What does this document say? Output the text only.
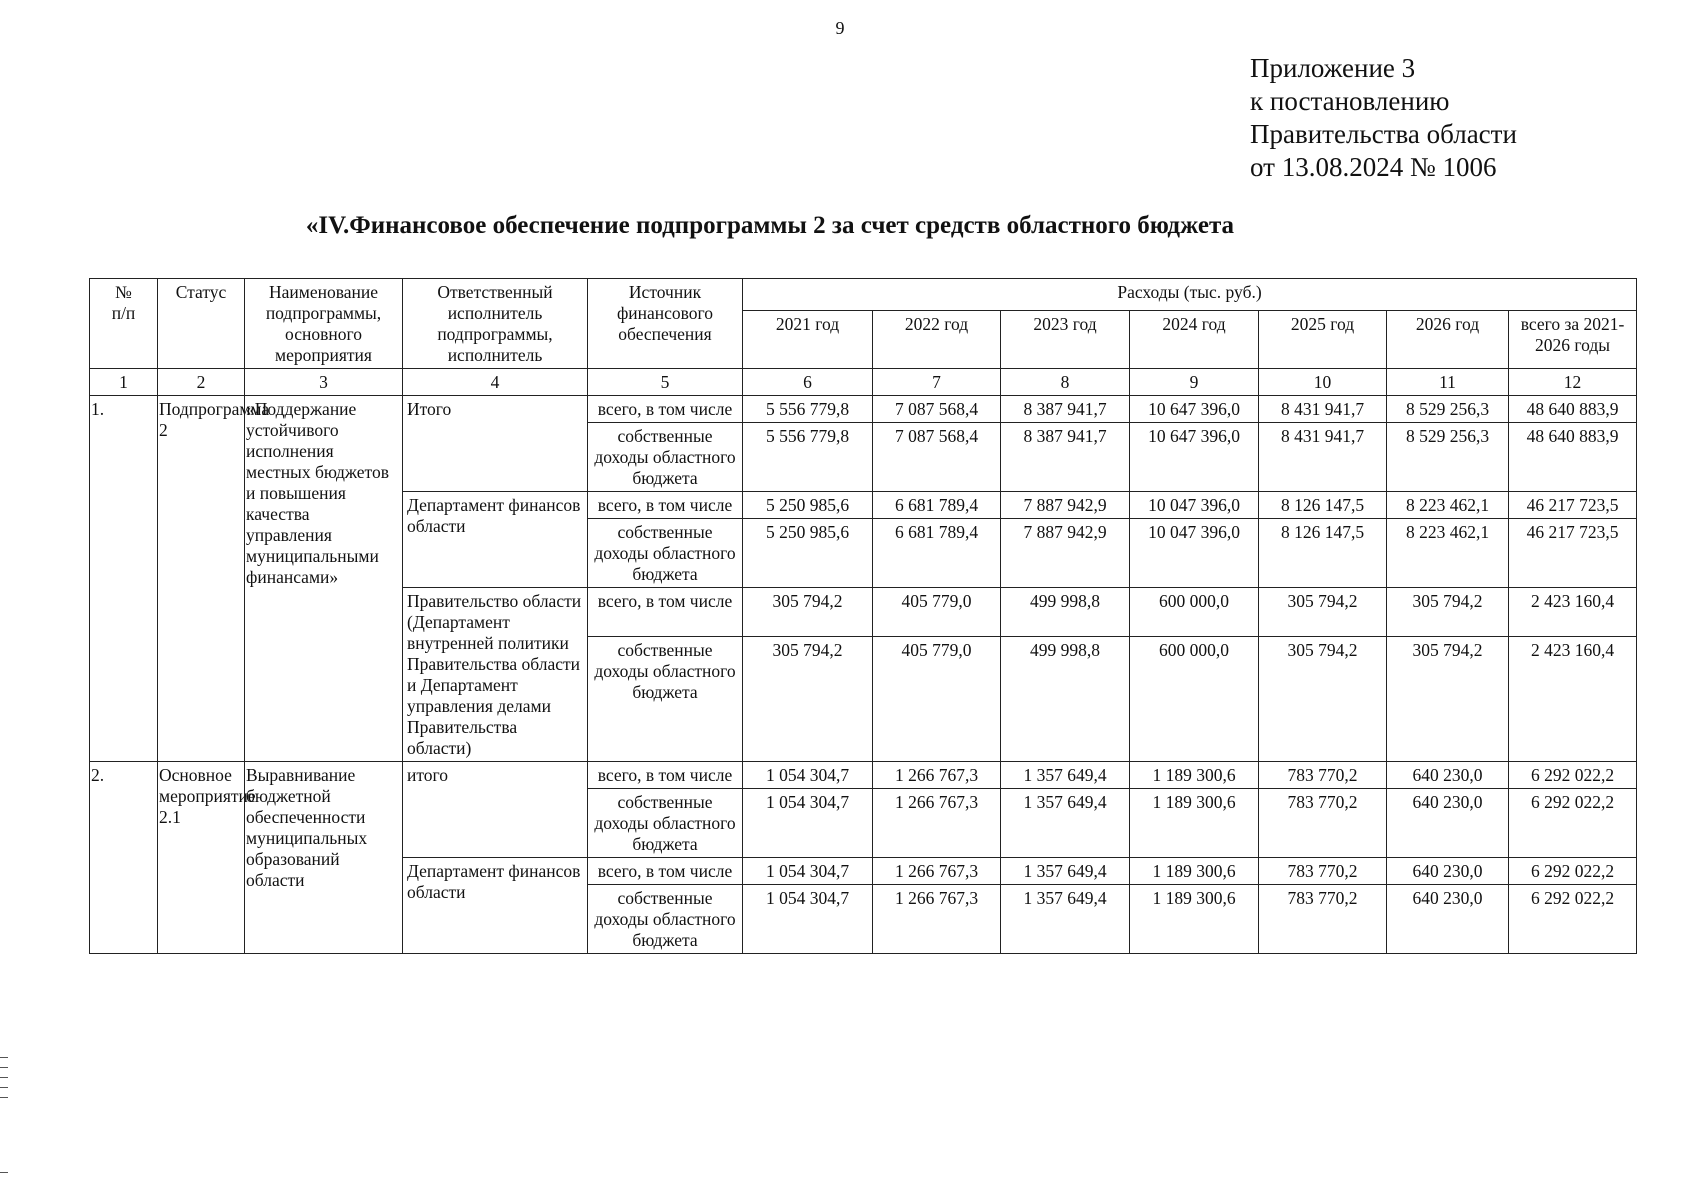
9
Приложение 3
к постановлению
Правительства области
от 13.08.2024 № 1006
«IV.Финансовое обеспечение подпрограммы 2 за счет средств областного бюджета
№
п/п	Статус	Наименование подпрограммы, основного мероприятия	Ответственный исполнитель подпрограммы, исполнитель	Источник финансового обеспечения	Расходы (тыс. руб.)						
					2021 год	2022 год	2023 год	2024 год	2025 год	2026 год	всего за 2021-2026 годы
1	2	3	4	5	6	7	8	9	10	11	12
1.	Подпрограмма 2	«Поддержание устойчивого исполнения местных бюджетов и повышения качества управления муниципальными финансами»	Итого	всего, в том числе	5 556 779,8	7 087 568,4	8 387 941,7	10 647 396,0	8 431 941,7	8 529 256,3	48 640 883,9
				собственные доходы областного бюджета	5 556 779,8	7 087 568,4	8 387 941,7	10 647 396,0	8 431 941,7	8 529 256,3	48 640 883,9
			Департамент финансов области	всего, в том числе	5 250 985,6	6 681 789,4	7 887 942,9	10 047 396,0	8 126 147,5	8 223 462,1	46 217 723,5
				собственные доходы областного бюджета	5 250 985,6	6 681 789,4	7 887 942,9	10 047 396,0	8 126 147,5	8 223 462,1	46 217 723,5
			Правительство области (Департамент внутренней политики Правительства области и Департамент управления делами Правительства области)	всего, в том числе	305 794,2	405 779,0	499 998,8	600 000,0	305 794,2	305 794,2	2 423 160,4
				собственные доходы областного бюджета	305 794,2	405 779,0	499 998,8	600 000,0	305 794,2	305 794,2	2 423 160,4
2.	Основное мероприятие 2.1	Выравнивание бюджетной обеспеченности муниципальных образований области	итого	всего, в том числе	1 054 304,7	1 266 767,3	1 357 649,4	1 189 300,6	783 770,2	640 230,0	6 292 022,2
				собственные доходы областного бюджета	1 054 304,7	1 266 767,3	1 357 649,4	1 189 300,6	783 770,2	640 230,0	6 292 022,2
			Департамент финансов области	всего, в том числе	1 054 304,7	1 266 767,3	1 357 649,4	1 189 300,6	783 770,2	640 230,0	6 292 022,2
				собственные доходы областного бюджета	1 054 304,7	1 266 767,3	1 357 649,4	1 189 300,6	783 770,2	640 230,0	6 292 022,2
